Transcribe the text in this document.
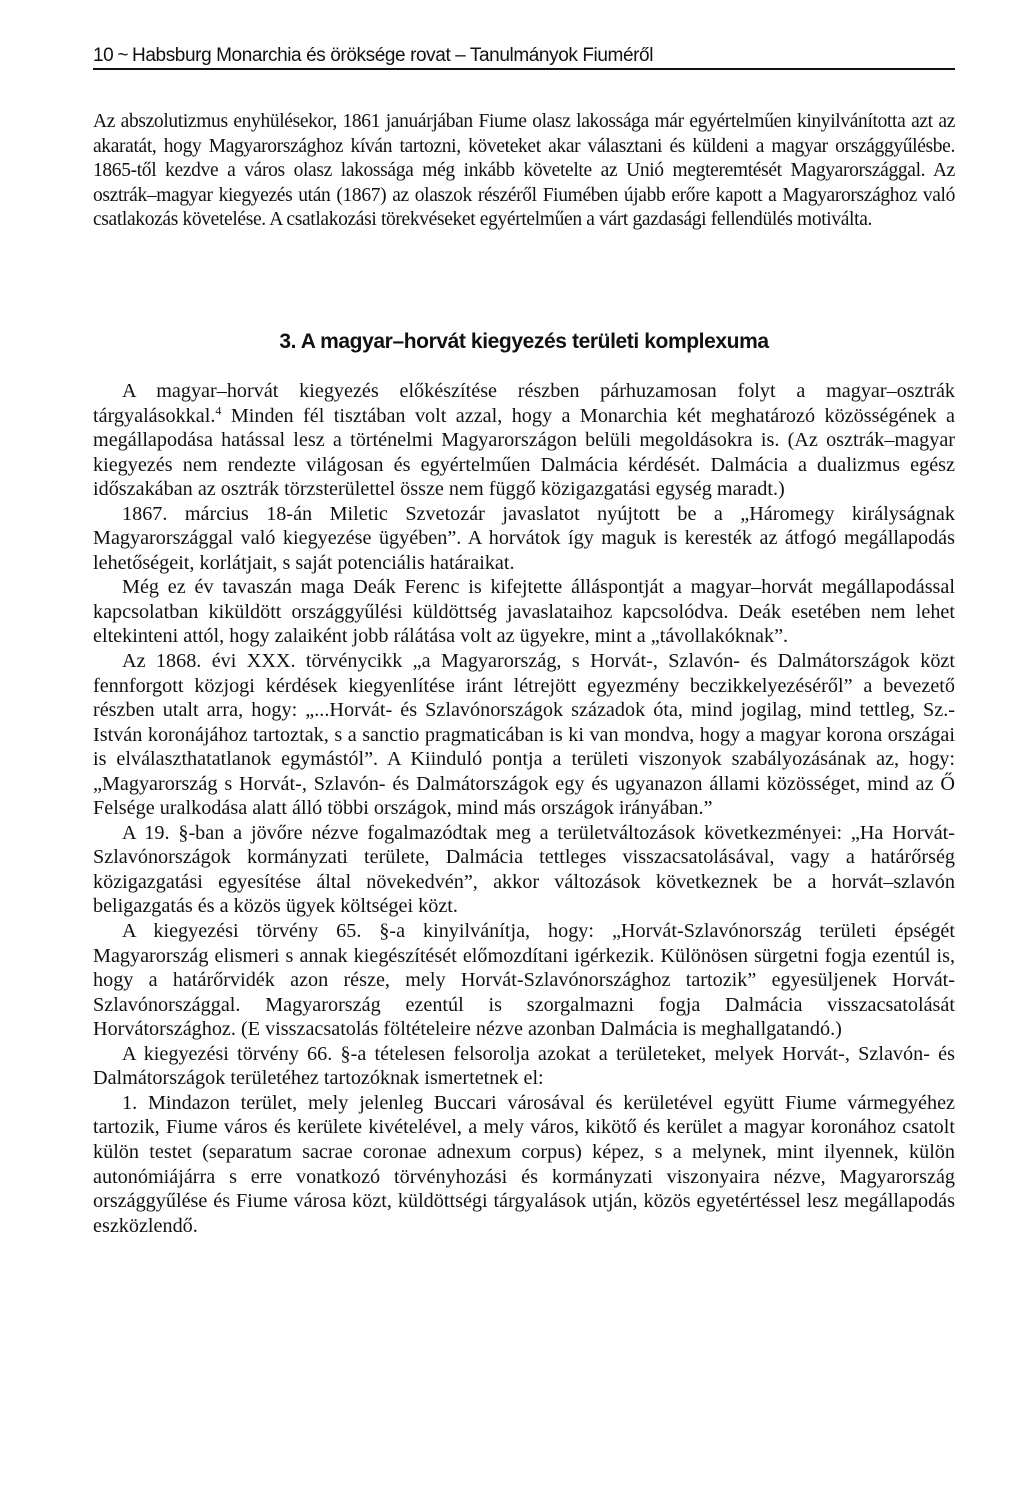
10 ~ Habsburg Monarchia és öröksége rovat – Tanulmányok Fiuméről

Az abszolutizmus enyhülésekor, 1861 januárjában Fiume olasz lakossága már egyértelműen kinyilvánította azt az akaratát, hogy Magyarországhoz kíván tartozni, követeket akar választani és küldeni a magyar országgyűlésbe. 1865-től kezdve a város olasz lakossága még inkább követelte az Unió megteremtését Magyarországgal. Az osztrák–magyar kiegyezés után (1867) az olaszok részéről Fiumében újabb erőre kapott a Magyarországhoz való csatlakozás követelése. A csatlakozási törekvéseket egyértelműen a várt gazdasági fellendülés motiválta.

3. A magyar–horvát kiegyezés területi komplexuma

A magyar–horvát kiegyezés előkészítése részben párhuzamosan folyt a magyar–osztrák tárgyalásokkal.$^4$ Minden fél tisztában volt azzal, hogy a Monarchia két meghatározó közösségének a megállapodása hatással lesz a történelmi Magyarországon belüli megoldásokra is. (Az osztrák–magyar kiegyezés nem rendezte világosan és egyértelműen Dalmácia kérdését. Dalmácia a dualizmus egész időszakában az osztrák törzsterülettel össze nem függő közigazgatási egység maradt.)

1867. március 18-án Miletic Szvetozár javaslatot nyújtott be a „Háromegy királyságnak Magyarországgal való kiegyezése ügyében”. A horvátok így maguk is keresték az átfogó megállapodás lehetőségeit, korlátjait, s saját potenciális határaikat.

Még ez év tavaszán maga Deák Ferenc is kifejtette álláspontját a magyar–horvát megállapodással kapcsolatban kiküldött országgyűlési küldöttség javaslataihoz kapcsolódva. Deák esetében nem lehet eltekinteni attól, hogy zalaiként jobb rálátása volt az ügyekre, mint a „távollakóknak”.

Az 1868. évi XXX. törvénycikk „a Magyarország, s Horvát-, Szlavón- és Dalmátországok közt fennforgott közjogi kérdések kiegyenlítése iránt létrejött egyezmény beczikkelyezéséről” a bevezető részben utalt arra, hogy: „...Horvát- és Szlavónországok századok óta, mind jogilag, mind tettleg, Sz.-István koronájához tartoztak, s a sanctio pragmaticában is ki van mondva, hogy a magyar korona országai is elválaszthatatlanok egymástól”. A Kiinduló pontja a területi viszonyok szabályozásának az, hogy: „Magyarország s Horvát-, Szlavón- és Dalmátországok egy és ugyanazon állami közösséget, mind az Ő Felsége uralkodása alatt álló többi országok, mind más országok irányában.”

A 19. §-ban a jövőre nézve fogalmazódtak meg a területváltozások következményei: „Ha Horvát-Szlavónországok kormányzati területe, Dalmácia tettleges visszacsatolásával, vagy a határőrség közigazgatási egyesítése által növekedvén”, akkor változások következnek be a horvát–szlavón beligazgatás és a közös ügyek költségei közt.

A kiegyezési törvény 65. §-a kinyilvánítja, hogy: „Horvát-Szlavónország területi épségét Magyarország elismeri s annak kiegészítését előmozdítani igérkezik. Különösen sürgetni fogja ezentúl is, hogy a határőrvidék azon része, mely Horvát-Szlavónországhoz tartozik” egyesüljenek Horvát-Szlavónországgal. Magyarország ezentúl is szorgalmazni fogja Dalmácia visszacsatolását Horvátországhoz. (E visszacsatolás föltételeire nézve azonban Dalmácia is meghallgatandó.)

A kiegyezési törvény 66. §-a tételesen felsorolja azokat a területeket, melyek Horvát-, Szlavón- és Dalmátországok területéhez tartozóknak ismertetnek el:

1. Mindazon terület, mely jelenleg Buccari városával és kerületével együtt Fiume vármegyéhez tartozik, Fiume város és kerülete kivételével, a mely város, kikötő és kerület a magyar koronához csatolt külön testet (separatum sacrae coronae adnexum corpus) képez, s a melynek, mint ilyennek, külön autonómiájárra s erre vonatkozó törvényhozási és kormányzati viszonyaira nézve, Magyarország országgyűlése és Fiume városa közt, küldöttségi tárgyalások utján, közös egyetértéssel lesz megállapodás eszközlendő.
